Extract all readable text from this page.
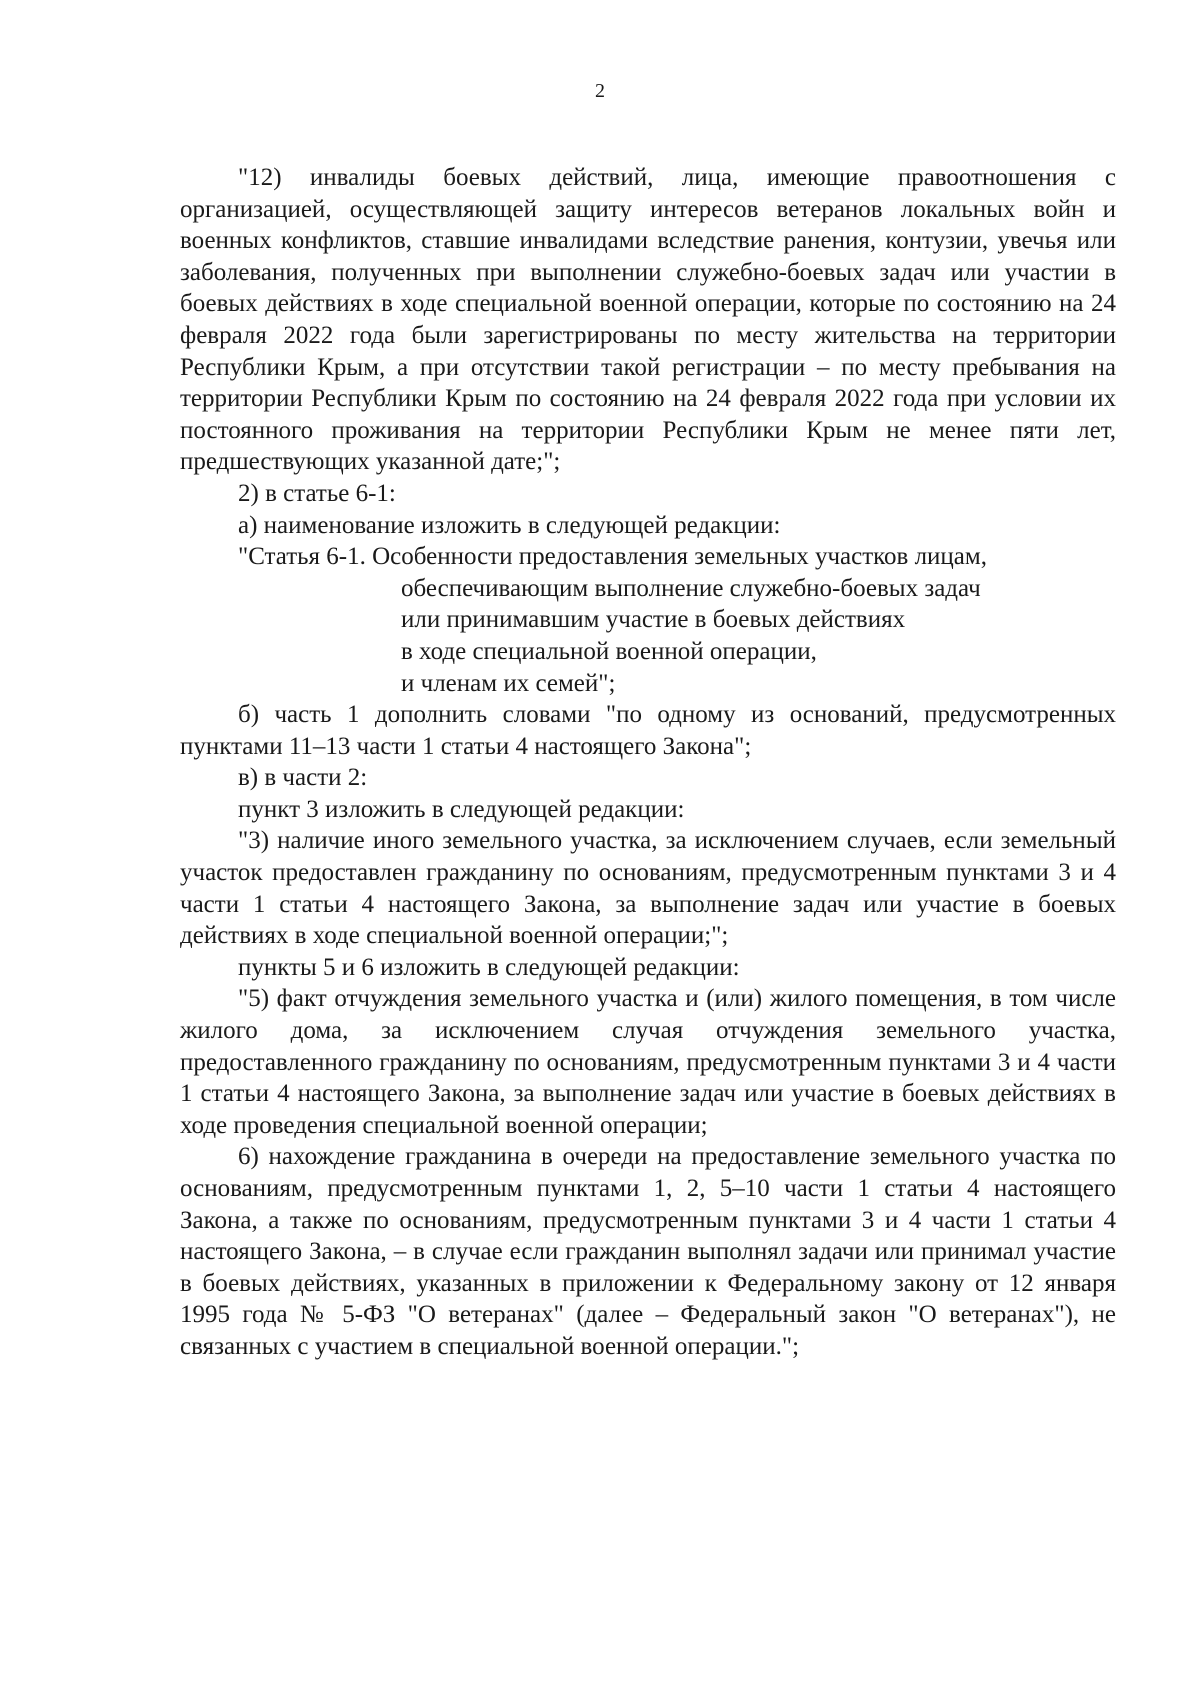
2

"12) инвалиды боевых действий, лица, имеющие правоотношения с организацией, осуществляющей защиту интересов ветеранов локальных войн и военных конфликтов, ставшие инвалидами вследствие ранения, контузии, увечья или заболевания, полученных при выполнении служебно-боевых задач или участии в боевых действиях в ходе специальной военной операции, которые по состоянию на 24 февраля 2022 года были зарегистрированы по месту жительства на территории Республики Крым, а при отсутствии такой регистрации – по месту пребывания на территории Республики Крым по состоянию на 24 февраля 2022 года при условии их постоянного проживания на территории Республики Крым не менее пяти лет, предшествующих указанной дате;";

2) в статье 6-1:

а) наименование изложить в следующей редакции:

"Статья 6-1. Особенности предоставления земельных участков лицам,
обеспечивающим выполнение служебно-боевых задач
или принимавшим участие в боевых действиях
в ходе специальной военной операции,
и членам их семей";

б) часть 1 дополнить словами "по одному из оснований, предусмотренных пунктами 11–13 части 1 статьи 4 настоящего Закона";

в) в части 2:

пункт 3 изложить в следующей редакции:

"3) наличие иного земельного участка, за исключением случаев, если земельный участок предоставлен гражданину по основаниям, предусмотренным пунктами 3 и 4 части 1 статьи 4 настоящего Закона, за выполнение задач или участие в боевых действиях в ходе специальной военной операции;";

пункты 5 и 6 изложить в следующей редакции:

"5) факт отчуждения земельного участка и (или) жилого помещения, в том числе жилого дома, за исключением случая отчуждения земельного участка, предоставленного гражданину по основаниям, предусмотренным пунктами 3 и 4 части 1 статьи 4 настоящего Закона, за выполнение задач или участие в боевых действиях в ходе проведения специальной военной операции;

6) нахождение гражданина в очереди на предоставление земельного участка по основаниям, предусмотренным пунктами 1, 2, 5–10 части 1 статьи 4 настоящего Закона, а также по основаниям, предусмотренным пунктами 3 и 4 части 1 статьи 4 настоящего Закона, – в случае если гражданин выполнял задачи или принимал участие в боевых действиях, указанных в приложении к Федеральному закону от 12 января 1995 года № 5-ФЗ "О ветеранах" (далее – Федеральный закон "О ветеранах"), не связанных с участием в специальной военной операции.";
